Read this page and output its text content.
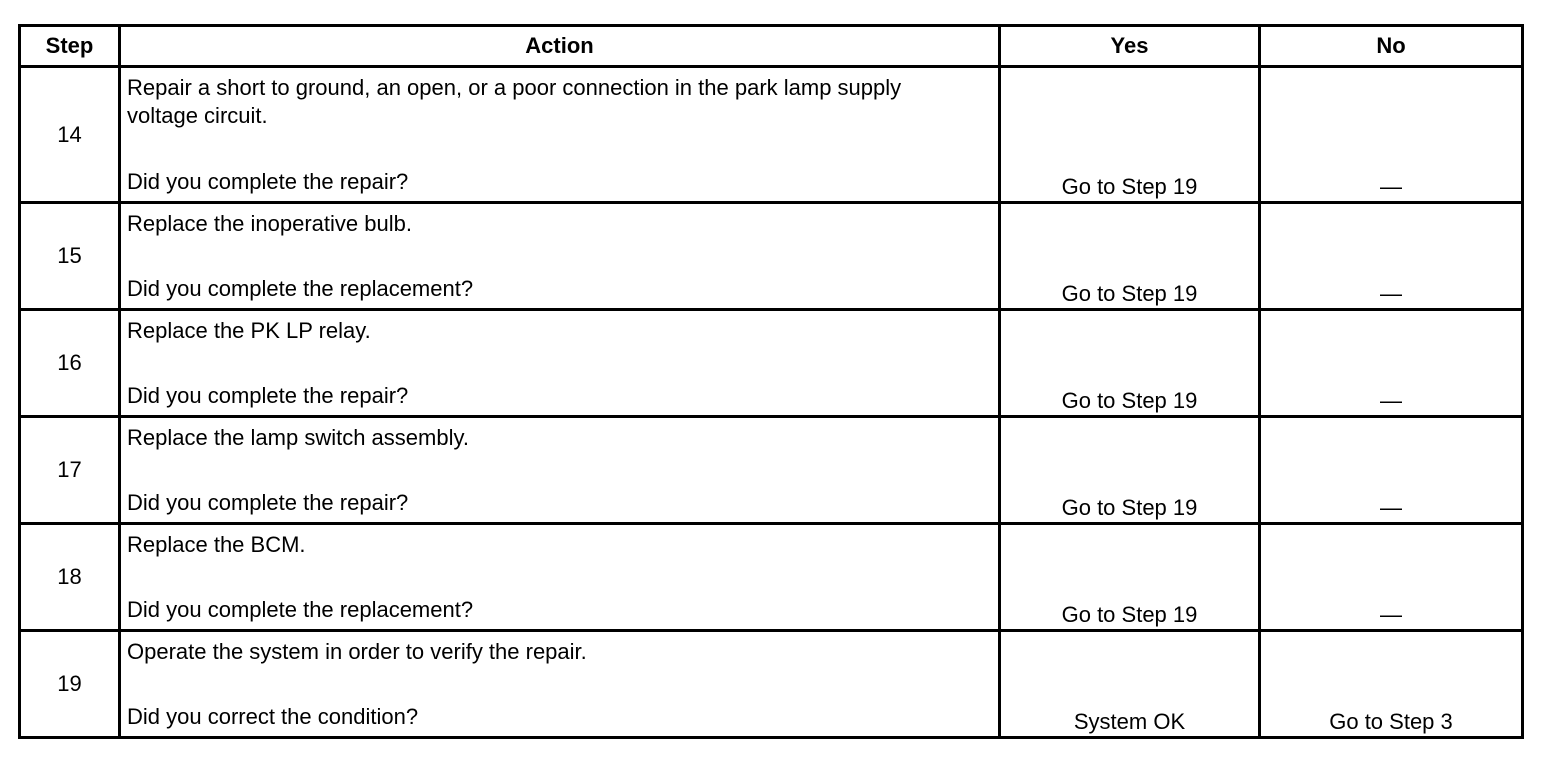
Step	Action	Yes	No
14	Repair a short to ground, an open, or a poor connection in the park lamp supply voltage circuit.
Did you complete the repair?	Go to Step 19	—
15	Replace the inoperative bulb.
Did you complete the replacement?	Go to Step 19	—
16	Replace the PK LP relay.
Did you complete the repair?	Go to Step 19	—
17	Replace the lamp switch assembly.
Did you complete the repair?	Go to Step 19	—
18	Replace the BCM.
Did you complete the replacement?	Go to Step 19	—
19	Operate the system in order to verify the repair.
Did you correct the condition?	System OK	Go to Step 3
